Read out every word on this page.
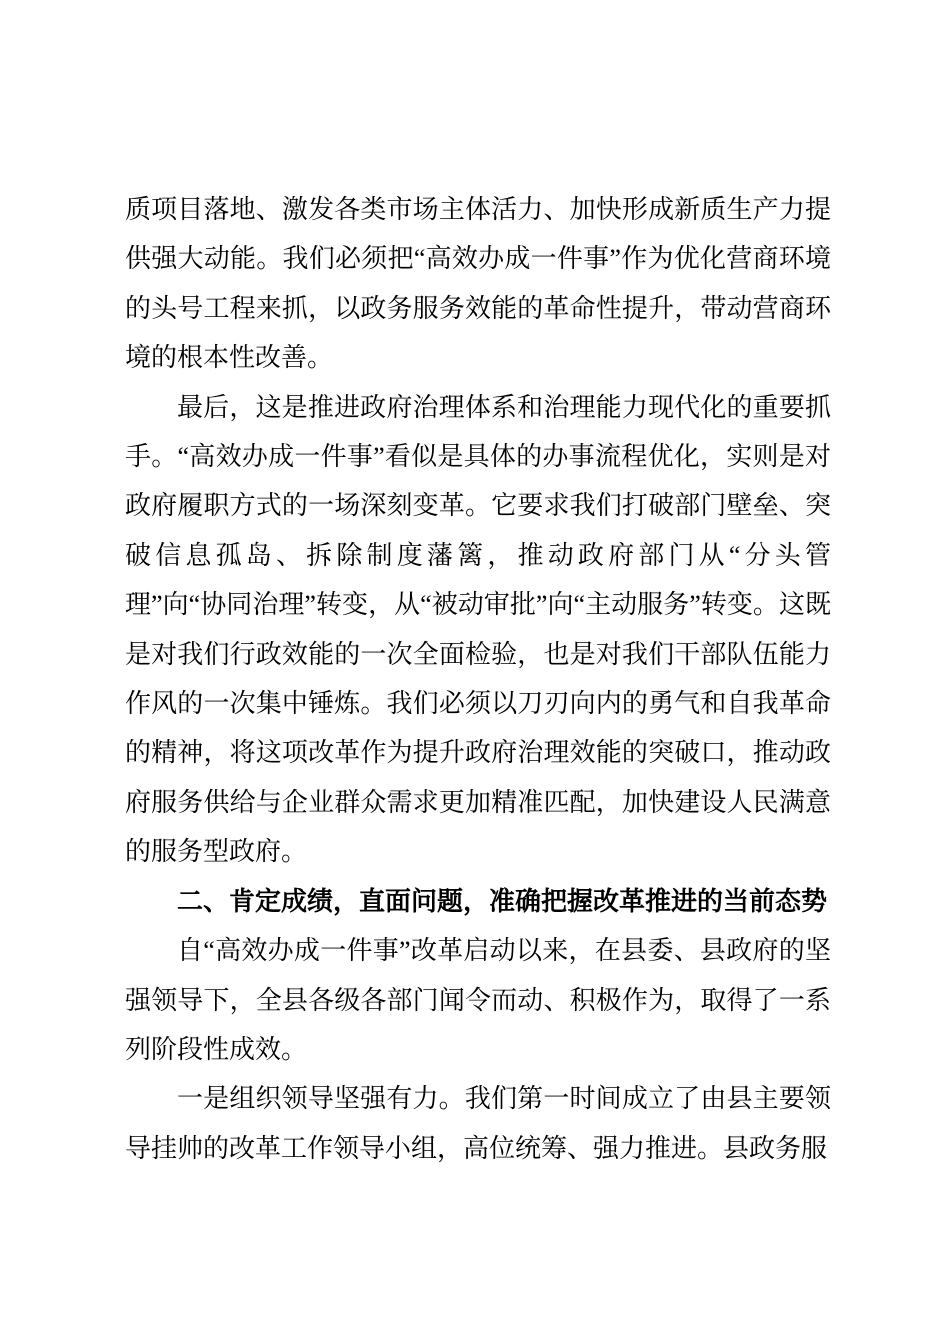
质项目落地、激发各类市场主体活力、加快形成新质生产力提供强大动能。我们必须把“高效办成一件事”作为优化营商环境的头号工程来抓，以政务服务效能的革命性提升，带动营商环境的根本性改善。

最后，这是推进政府治理体系和治理能力现代化的重要抓手。“高效办成一件事”看似是具体的办事流程优化，实则是对政府履职方式的一场深刻变革。它要求我们打破部门壁垒、突破信息孤岛、拆除制度藩篱，推动政府部门从“分头管理”向“协同治理”转变，从“被动审批”向“主动服务”转变。这既是对我们行政效能的一次全面检验，也是对我们干部队伍能力作风的一次集中锤炼。我们必须以刀刃向内的勇气和自我革命的精神，将这项改革作为提升政府治理效能的突破口，推动政府服务供给与企业群众需求更加精准匹配，加快建设人民满意的服务型政府。

二、肯定成绩，直面问题，准确把握改革推进的当前态势

自“高效办成一件事”改革启动以来，在县委、县政府的坚强领导下，全县各级各部门闻令而动、积极作为，取得了一系列阶段性成效。

一是组织领导坚强有力。我们第一时间成立了由县主要领导挂帅的改革工作领导小组，高位统筹、强力推进。县政务服
